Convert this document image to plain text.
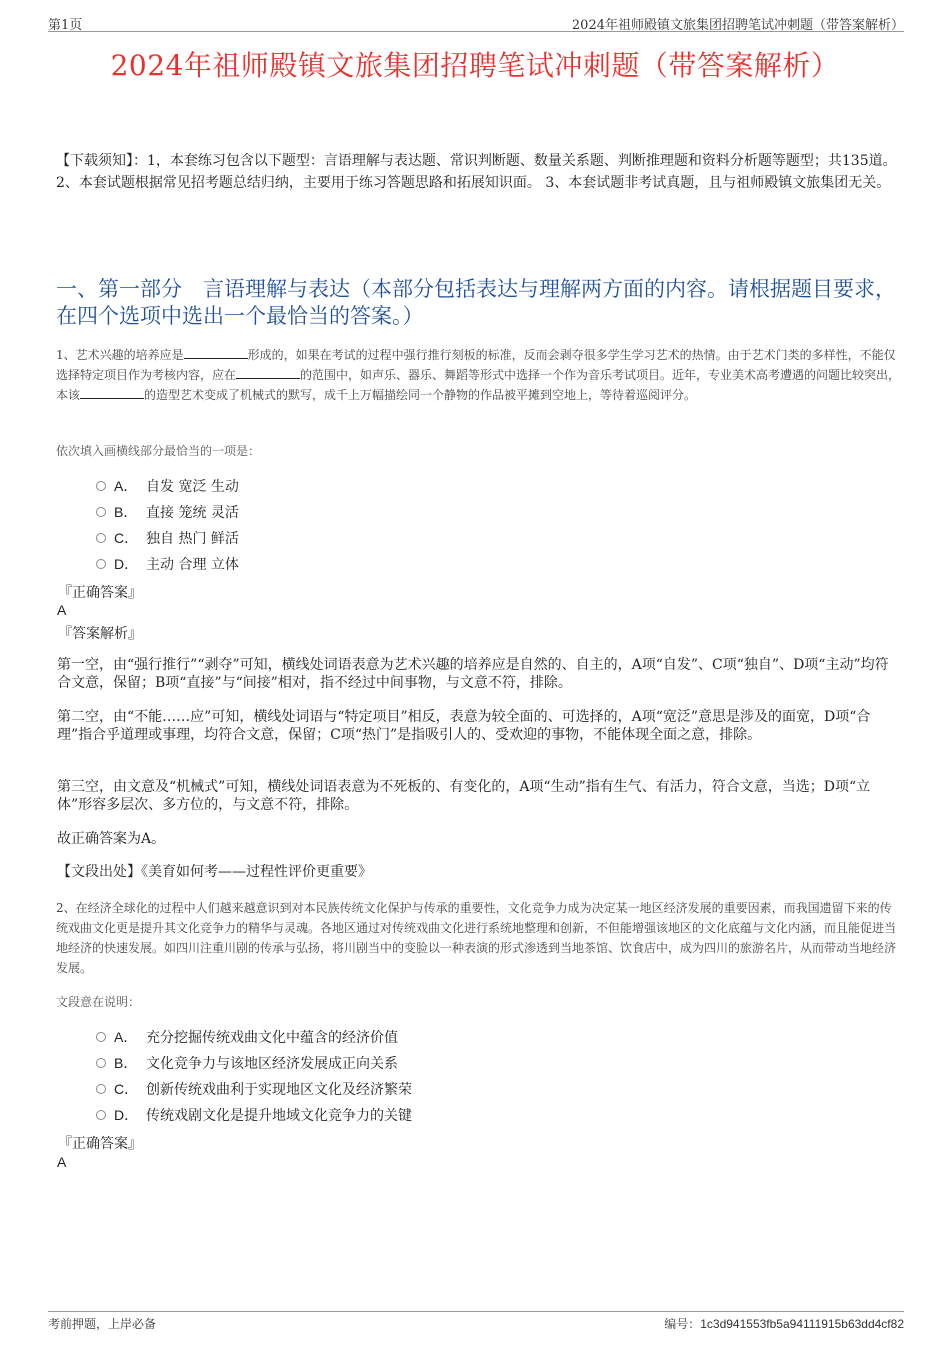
第1页	2024年祖师殿镇文旅集团招聘笔试冲刺题（带答案解析）
2024年祖师殿镇文旅集团招聘笔试冲刺题（带答案解析）
【下载须知】：1，本套练习包含以下题型：言语理解与表达题、常识判断题、数量关系题、判断推理题和资料分析题等题型；共135道。 2、本套试题根据常见招考题总结归纳，主要用于练习答题思路和拓展知识面。 3、本套试题非考试真题，且与祖师殿镇文旅集团无关。
一、第一部分　言语理解与表达（本部分包括表达与理解两方面的内容。请根据题目要求，在四个选项中选出一个最恰当的答案。）
1、艺术兴趣的培养应是	形成的，如果在考试的过程中强行推行刻板的标准，反而会剥夺很多学生学习艺术的热情。由于艺术门类的多样性，不能仅选择特定项目作为考核内容，应在	的范围中，如声乐、器乐、舞蹈等形式中选择一个作为音乐考试项目。近年，专业美术高考遭遇的问题比较突出，本该	的造型艺术变成了机械式的默写，成千上万幅描绘同一个静物的作品被平摊到空地上，等待着巡阅评分。
依次填入画横线部分最恰当的一项是：
A． 自发 宽泛 生动
B． 直接 笼统 灵活
C． 独自 热门 鲜活
D． 主动 合理 立体
『正确答案』
A
『答案解析』
第一空，由“强行推行”“剥夺”可知，横线处词语表意为艺术兴趣的培养应是自然的、自主的，A项“自发”、C项“独自”、D项“主动”均符合文意，保留；B项“直接”与“间接”相对，指不经过中间事物，与文意不符，排除。
第二空，由“不能……应”可知，横线处词语与“特定项目”相反，表意为较全面的、可选择的，A项“宽泛”意思是涉及的面宽，D项“合理”指合乎道理或事理，均符合文意，保留；C项“热门”是指吸引人的、受欢迎的事物，不能体现全面之意，排除。
第三空，由文意及“机械式”可知，横线处词语表意为不死板的、有变化的，A项“生动”指有生气、有活力，符合文意，当选；D项“立体”形容多层次、多方位的，与文意不符，排除。
故正确答案为A。
【文段出处】《美育如何考——过程性评价更重要》
2、在经济全球化的过程中人们越来越意识到对本民族传统文化保护与传承的重要性，文化竞争力成为决定某一地区经济发展的重要因素，而我国遗留下来的传统戏曲文化更是提升其文化竞争力的精华与灵魂。各地区通过对传统戏曲文化进行系统地整理和创新，不但能增强该地区的文化底蕴与文化内涵，而且能促进当地经济的快速发展。如四川注重川剧的传承与弘扬，将川剧当中的变脸以一种表演的形式渗透到当地茶馆、饮食店中，成为四川的旅游名片，从而带动当地经济发展。
文段意在说明：
A． 充分挖掘传统戏曲文化中蕴含的经济价值
B． 文化竞争力与该地区经济发展成正向关系
C． 创新传统戏曲利于实现地区文化及经济繁荣
D． 传统戏剧文化是提升地域文化竞争力的关键
『正确答案』
A
考前押题，上岸必备	编号：1c3d941553fb5a94111915b63dd4cf82
